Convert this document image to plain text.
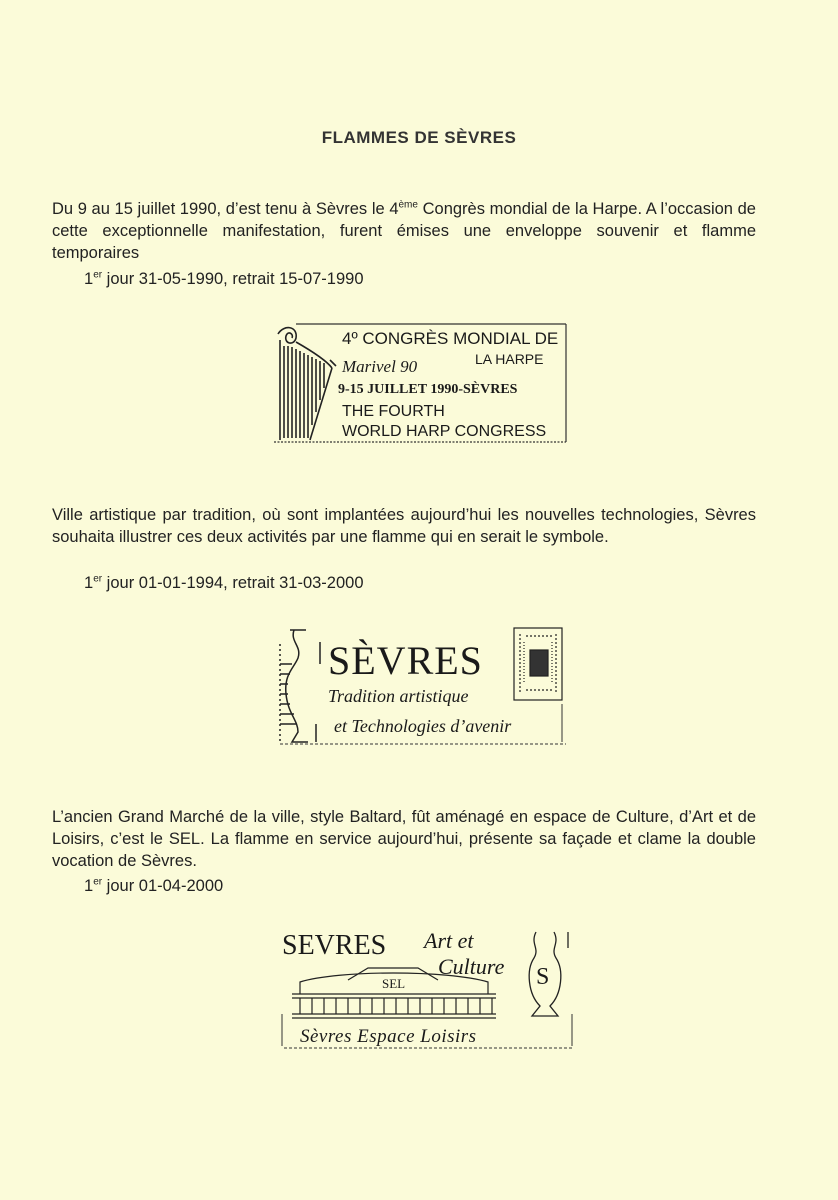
FLAMMES DE SÈVRES
Du 9 au 15 juillet 1990, d’est tenu à Sèvres le 4ème Congrès mondial de la Harpe. A l’occasion de cette exceptionnelle manifestation, furent émises une enveloppe souvenir et flamme temporaires
1er jour 31-05-1990, retrait 15-07-1990
4º CONGRÈS MONDIAL DE
Marivel 90	LA HARPE
9-15 JUILLET 1990-SÈVRES
THE FOURTH
WORLD HARP CONGRESS
Ville artistique par tradition, où sont implantées aujourd’hui les nouvelles technologies, Sèvres souhaita illustrer ces deux activités par une flamme qui en serait le symbole.
1er jour 01-01-1994, retrait 31-03-2000
SÈVRES
Tradition artistique
et Technologies d’avenir
L’ancien Grand Marché de la ville, style Baltard, fût aménagé en espace de Culture, d’Art et de Loisirs, c’est le SEL. La flamme en service aujourd’hui, présente sa façade et clame la double vocation de Sèvres.
1er jour 01-04-2000
SEVRES Art et
Culture S
SEL
Sèvres Espace Loisirs
